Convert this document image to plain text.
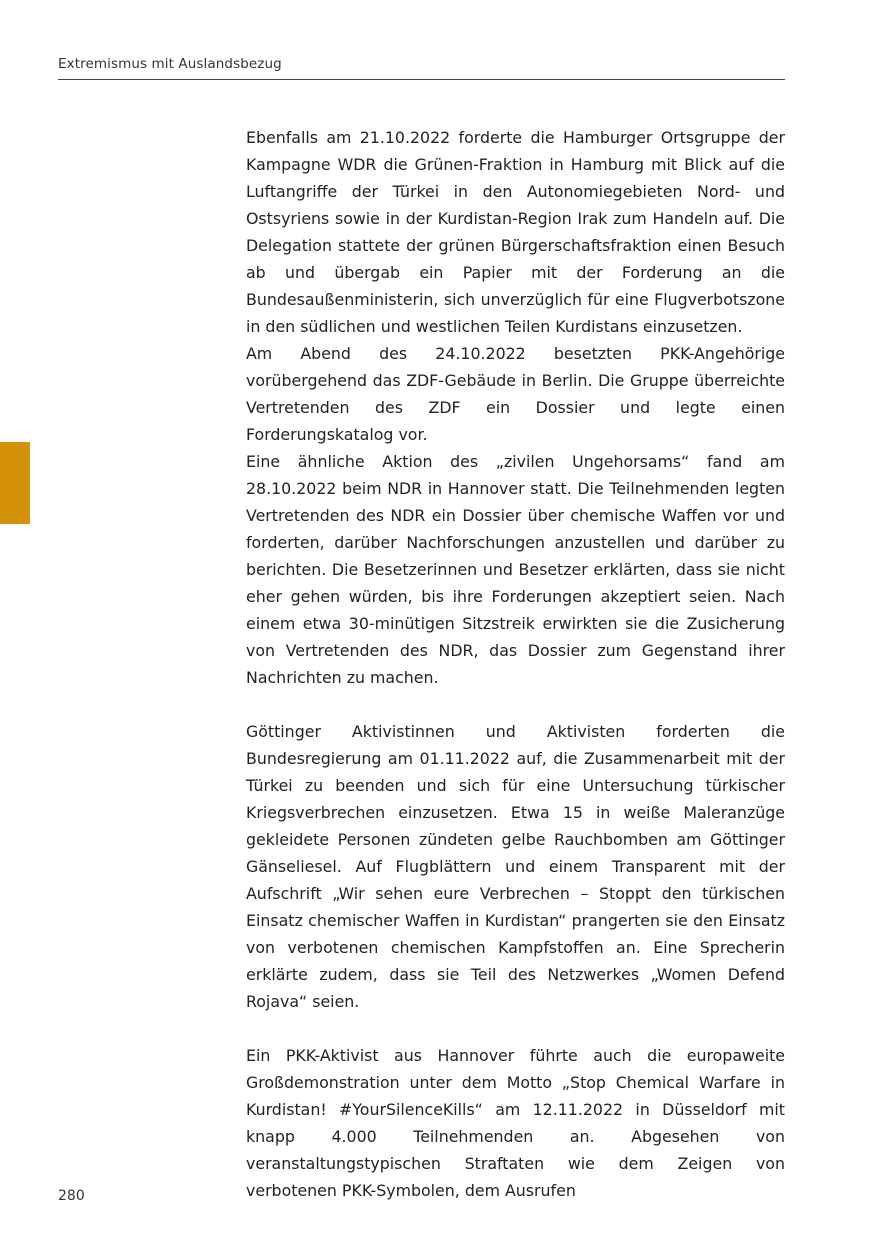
Extremismus mit Auslandsbezug

Ebenfalls am 21.10.2022 forderte die Hamburger Ortsgruppe der Kampagne WDR die Grünen-Fraktion in Hamburg mit Blick auf die Luftangriffe der Türkei in den Autonomiegebieten Nord- und Ostsyriens sowie in der Kurdistan-Region Irak zum Handeln auf. Die Delegation stattete der grünen Bürgerschaftsfraktion einen Besuch ab und übergab ein Papier mit der Forderung an die Bundesaußenministerin, sich unverzüglich für eine Flugverbotszone in den südlichen und westlichen Teilen Kurdistans einzusetzen.

Am Abend des 24.10.2022 besetzten PKK-Angehörige vorübergehend das ZDF-Gebäude in Berlin. Die Gruppe überreichte Vertretenden des ZDF ein Dossier und legte einen Forderungskatalog vor.

Eine ähnliche Aktion des „zivilen Ungehorsams“ fand am 28.10.2022 beim NDR in Hannover statt. Die Teilnehmenden legten Vertretenden des NDR ein Dossier über chemische Waffen vor und forderten, darüber Nachforschungen anzustellen und darüber zu berichten. Die Besetzerinnen und Besetzer erklärten, dass sie nicht eher gehen würden, bis ihre Forderungen akzeptiert seien. Nach einem etwa 30-minütigen Sitzstreik erwirkten sie die Zusicherung von Vertretenden des NDR, das Dossier zum Gegenstand ihrer Nachrichten zu machen.

Göttinger Aktivistinnen und Aktivisten forderten die Bundesregierung am 01.11.2022 auf, die Zusammenarbeit mit der Türkei zu beenden und sich für eine Untersuchung türkischer Kriegsverbrechen einzusetzen. Etwa 15 in weiße Maleranzüge gekleidete Personen zündeten gelbe Rauchbomben am Göttinger Gänseliesel. Auf Flugblättern und einem Transparent mit der Aufschrift „Wir sehen eure Verbrechen – Stoppt den türkischen Einsatz chemischer Waffen in Kurdistan“ prangerten sie den Einsatz von verbotenen chemischen Kampfstoffen an. Eine Sprecherin erklärte zudem, dass sie Teil des Netzwerkes „Women Defend Rojava“ seien.

Ein PKK-Aktivist aus Hannover führte auch die europaweite Großdemonstration unter dem Motto „Stop Chemical Warfare in Kurdistan! #YourSilenceKills“ am 12.11.2022 in Düsseldorf mit knapp 4.000 Teilnehmenden an. Abgesehen von veranstaltungstypischen Straftaten wie dem Zeigen von verbotenen PKK-Symbolen, dem Ausrufen

280
